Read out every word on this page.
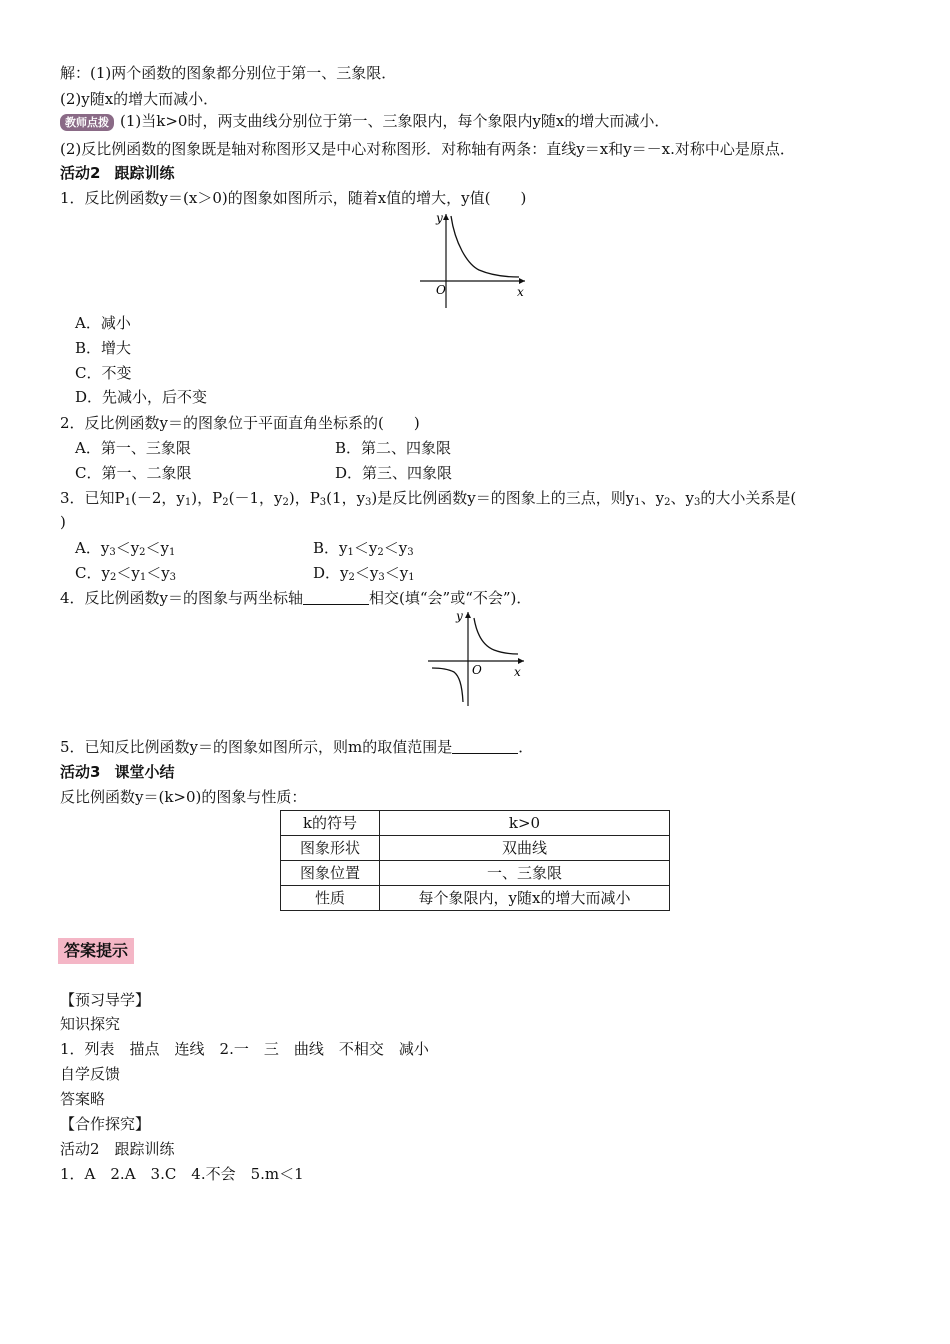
解：(1)两个函数的图象都分别位于第一、三象限．
(2)y随x的增大而减小．
教师点拨 (1)当k>0时，两支曲线分别位于第一、三象限内，每个象限内y随x的增大而减小．
(2)反比例函数的图象既是轴对称图形又是中心对称图形．对称轴有两条：直线y＝x和y＝－x.对称中心是原点．
活动2 跟踪训练
1．反比例函数y＝(x＞0)的图象如图所示，随着x值的增大，y值(　　)
y
O	x
A．减小
B．增大
C．不变
D．先减小，后不变
2．反比例函数y＝的图象位于平面直角坐标系的(　　)
A．第一、三象限	B．第二、四象限
C．第一、二象限	D．第三、四象限
3．已知$P_1(-2$，$y_1$)，$P_2(-1$，$y_2$)，$P_3(1$，$y_3$)是反比例函数y＝的图象上的三点，则$y_1$、$y_2$、$y_3$的大小关系是(
)
A．$y_3<y_2<y_1$	B．$y_1<y_2<y_3$
C．$y_2<y_1<y_3$	D．$y_2<y_3<y_1$
4．反比例函数y＝的图象与两坐标轴	相交(填“会”或“不会”)．
y
O	x
5．已知反比例函数y＝的图象如图所示，则m的取值范围是	．
活动3 课堂小结
反比例函数y＝(k>0)的图象与性质：
k的符号	k>0
图象形状	双曲线
图象位置	一、三象限
性质	每个象限内，y随x的增大而减小
答案提示
【预习导学】
知识探究
1．列表　描点　连线　2.一　三　曲线　不相交　减小
自学反馈
答案略
【合作探究】
活动2　跟踪训练
1．A　2.A　3.C　4.不会　5.m＜1
